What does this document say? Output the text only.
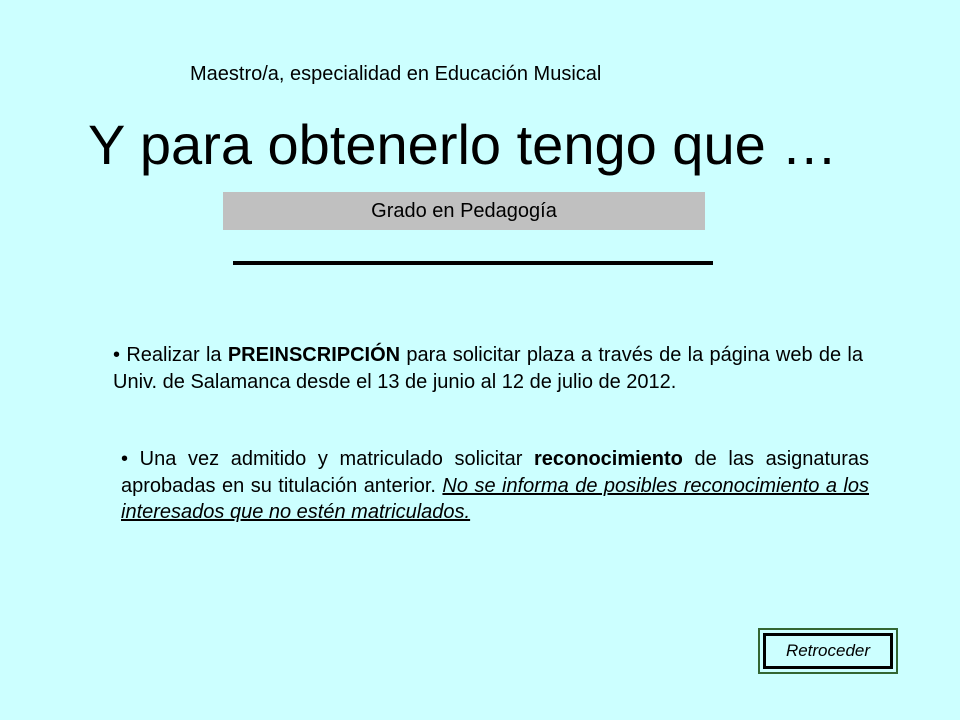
Maestro/a, especialidad en Educación Musical
Y para obtenerlo tengo que …
Grado en Pedagogía
• Realizar la PREINSCRIPCIÓN para solicitar plaza a través de la página web de la Univ. de Salamanca desde el 13 de junio al 12 de julio de 2012.
• Una vez admitido y matriculado solicitar reconocimiento de las asignaturas aprobadas en su titulación anterior. No se informa de posibles reconocimiento a los interesados que no estén matriculados.
Retroceder
